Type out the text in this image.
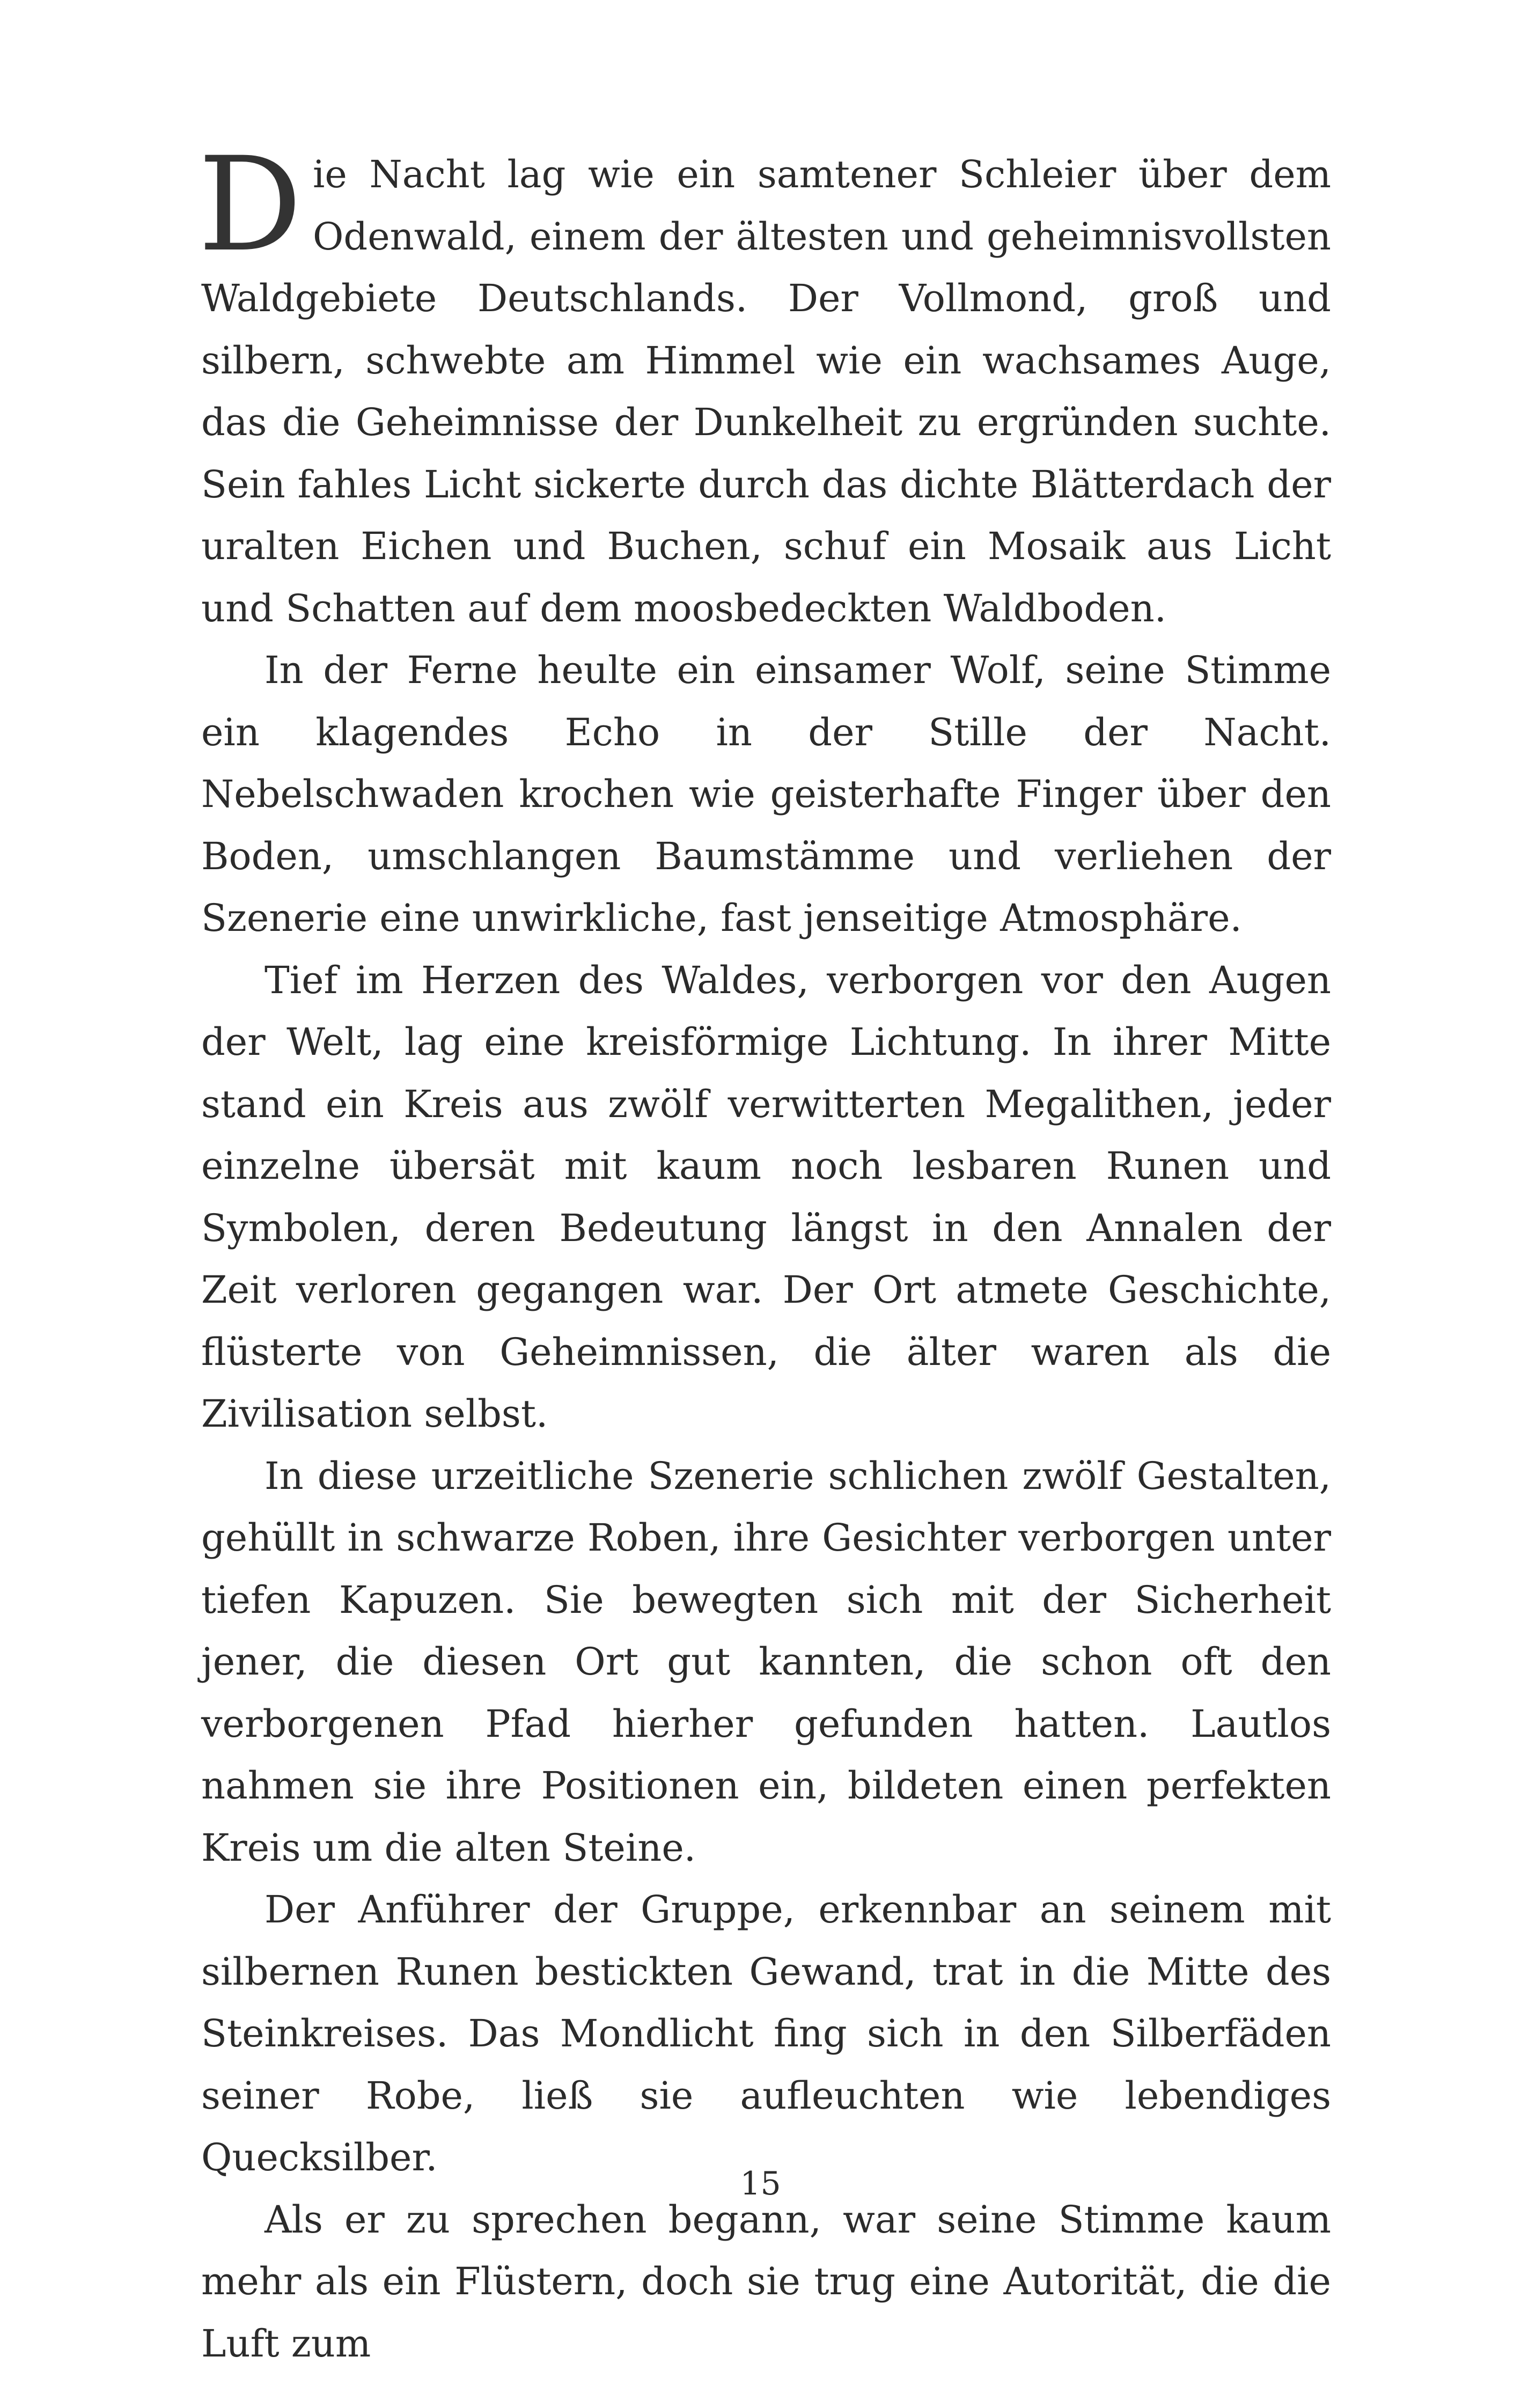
Die Nacht lag wie ein samtener Schleier über dem Odenwald, einem der ältesten und geheimnisvollsten Waldgebiete Deutschlands. Der Vollmond, groß und silbern, schwebte am Himmel wie ein wachsames Auge, das die Geheimnisse der Dunkelheit zu ergründen suchte. Sein fahles Licht sickerte durch das dichte Blätterdach der uralten Eichen und Buchen, schuf ein Mosaik aus Licht und Schatten auf dem moosbedeckten Waldboden.

In der Ferne heulte ein einsamer Wolf, seine Stimme ein klagendes Echo in der Stille der Nacht. Nebelschwaden krochen wie geisterhafte Finger über den Boden, umschlangen Baumstämme und verliehen der Szenerie eine unwirkliche, fast jenseitige Atmosphäre.

Tief im Herzen des Waldes, verborgen vor den Augen der Welt, lag eine kreisförmige Lichtung. In ihrer Mitte stand ein Kreis aus zwölf verwitterten Megalithen, jeder einzelne übersät mit kaum noch lesbaren Runen und Symbolen, deren Bedeutung längst in den Annalen der Zeit verloren gegangen war. Der Ort atmete Geschichte, flüsterte von Geheimnissen, die älter waren als die Zivilisation selbst.

In diese urzeitliche Szenerie schlichen zwölf Gestalten, gehüllt in schwarze Roben, ihre Gesichter verborgen unter tiefen Kapuzen. Sie bewegten sich mit der Sicherheit jener, die diesen Ort gut kannten, die schon oft den verborgenen Pfad hierher gefunden hatten. Lautlos nahmen sie ihre Positionen ein, bildeten einen perfekten Kreis um die alten Steine.

Der Anführer der Gruppe, erkennbar an seinem mit silbernen Runen bestickten Gewand, trat in die Mitte des Steinkreises. Das Mondlicht fing sich in den Silberfäden seiner Robe, ließ sie aufleuchten wie lebendiges Quecksilber.

Als er zu sprechen begann, war seine Stimme kaum mehr als ein Flüstern, doch sie trug eine Autorität, die die Luft zum

15
